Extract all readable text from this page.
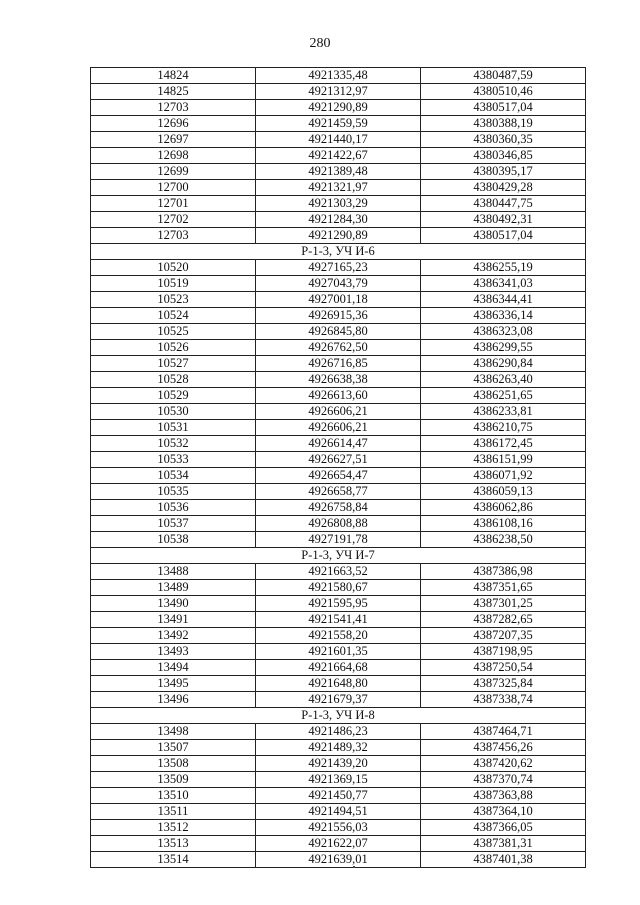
280
14824	4921335,48	4380487,59
14825	4921312,97	4380510,46
12703	4921290,89	4380517,04
12696	4921459,59	4380388,19
12697	4921440,17	4380360,35
12698	4921422,67	4380346,85
12699	4921389,48	4380395,17
12700	4921321,97	4380429,28
12701	4921303,29	4380447,75
12702	4921284,30	4380492,31
12703	4921290,89	4380517,04
Р-1-3, УЧ И-6		
10520	4927165,23	4386255,19
10519	4927043,79	4386341,03
10523	4927001,18	4386344,41
10524	4926915,36	4386336,14
10525	4926845,80	4386323,08
10526	4926762,50	4386299,55
10527	4926716,85	4386290,84
10528	4926638,38	4386263,40
10529	4926613,60	4386251,65
10530	4926606,21	4386233,81
10531	4926606,21	4386210,75
10532	4926614,47	4386172,45
10533	4926627,51	4386151,99
10534	4926654,47	4386071,92
10535	4926658,77	4386059,13
10536	4926758,84	4386062,86
10537	4926808,88	4386108,16
10538	4927191,78	4386238,50
Р-1-3, УЧ И-7		
13488	4921663,52	4387386,98
13489	4921580,67	4387351,65
13490	4921595,95	4387301,25
13491	4921541,41	4387282,65
13492	4921558,20	4387207,35
13493	4921601,35	4387198,95
13494	4921664,68	4387250,54
13495	4921648,80	4387325,84
13496	4921679,37	4387338,74
Р-1-3, УЧ И-8		
13498	4921486,23	4387464,71
13507	4921489,32	4387456,26
13508	4921439,20	4387420,62
13509	4921369,15	4387370,74
13510	4921450,77	4387363,88
13511	4921494,51	4387364,10
13512	4921556,03	4387366,05
13513	4921622,07	4387381,31
13514	4921639,01	4387401,38
